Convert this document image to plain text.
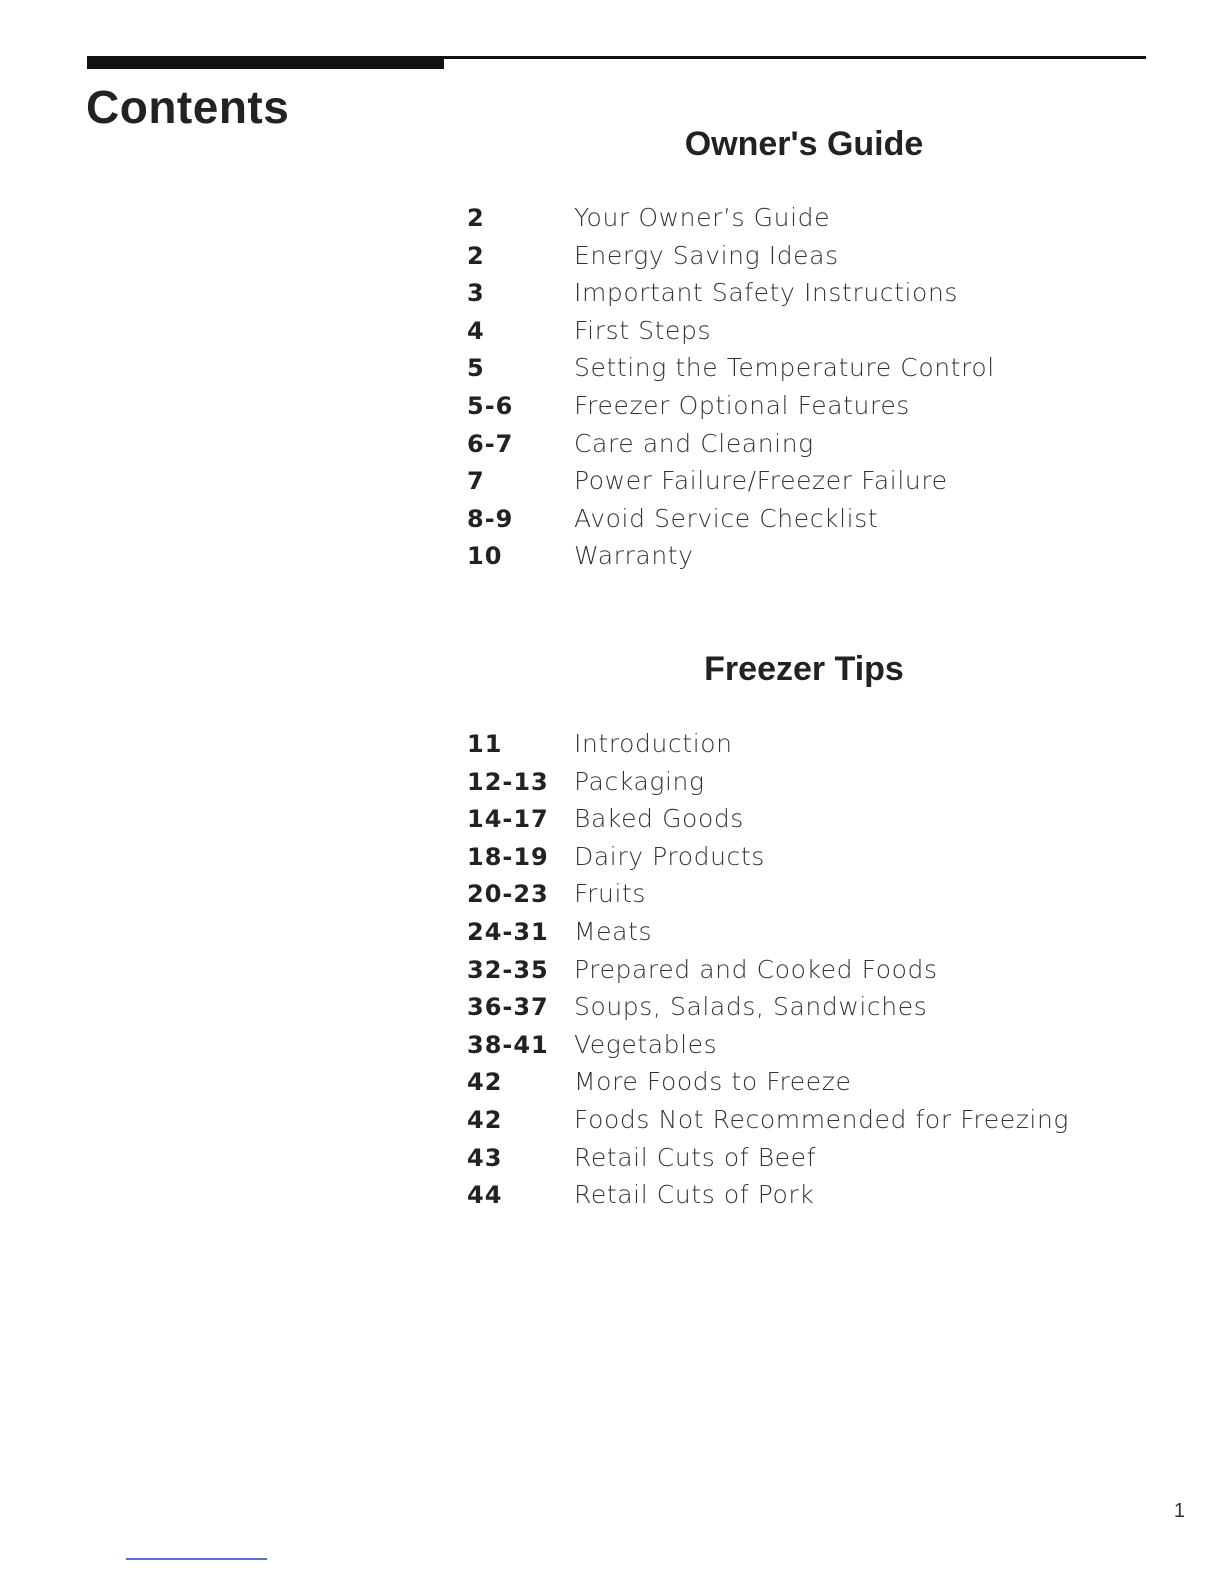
Contents
Owner's Guide
2	Your Owner’s Guide
2	Energy Saving Ideas
3	Important Safety Instructions
4	First Steps
5	Setting the Temperature Control
5-6	Freezer Optional Features
6-7	Care and Cleaning
7	Power Failure/Freezer Failure
8-9	Avoid Service Checklist
10	Warranty
Freezer Tips
11	Introduction
12-13	Packaging
14-17	Baked Goods
18-19	Dairy Products
20-23	Fruits
24-31	Meats
32-35	Prepared and Cooked Foods
36-37	Soups, Salads, Sandwiches
38-41	Vegetables
42	More Foods to Freeze
42	Foods Not Recommended for Freezing
43	Retail Cuts of Beef
44	Retail Cuts of Pork
1
